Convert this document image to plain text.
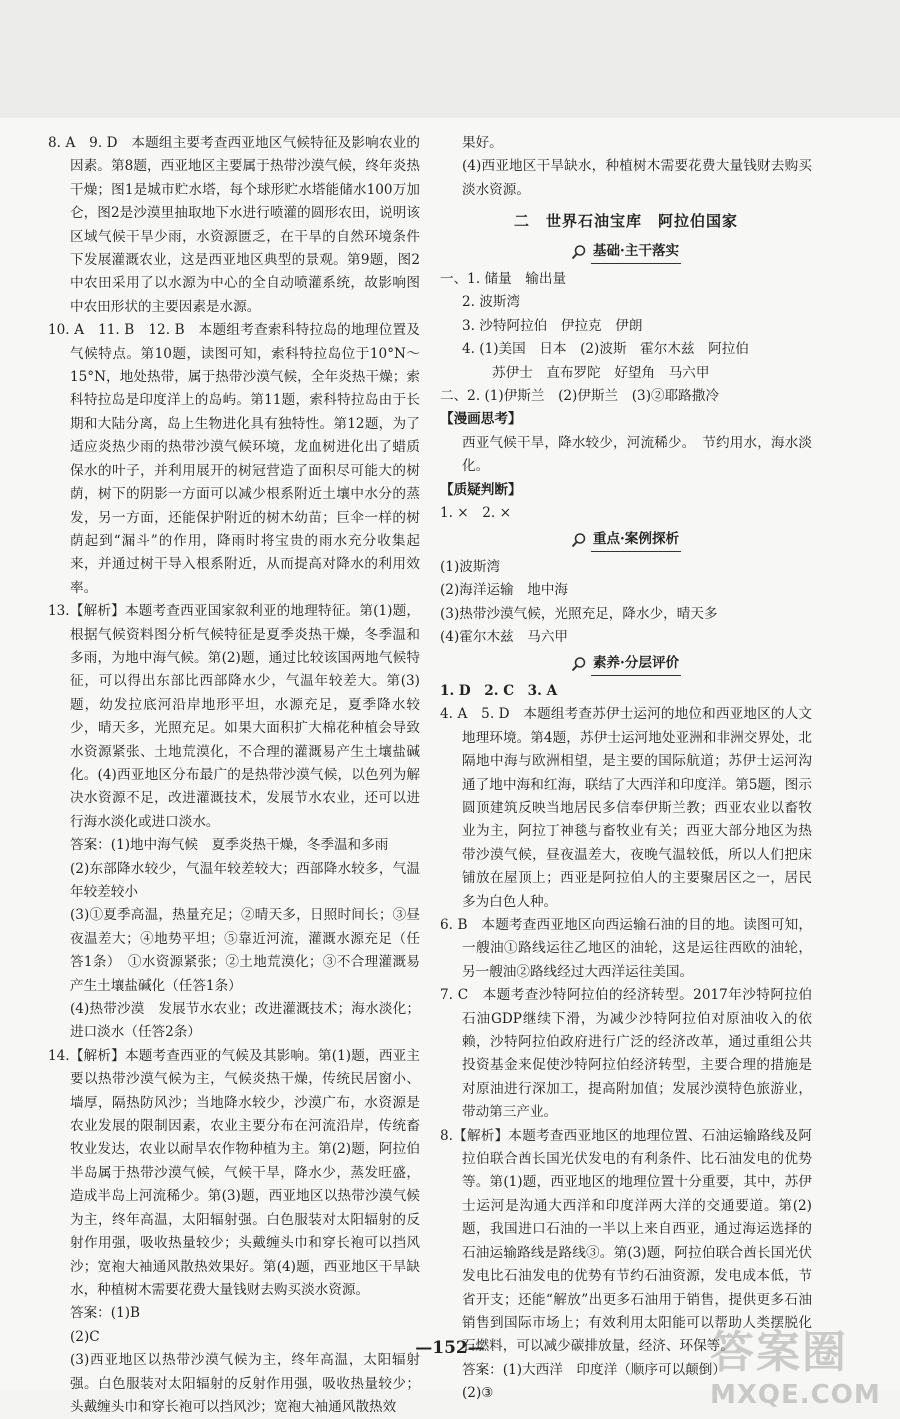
8. A　9. D　本题组主要考查西亚地区气候特征及影响农业的因素。第8题，西亚地区主要属于热带沙漠气候，终年炎热干燥；图1是城市贮水塔，每个球形贮水塔能储水100万加仑，图2是沙漠里抽取地下水进行喷灌的圆形农田，说明该区域气候干旱少雨，水资源匮乏，在干旱的自然环境条件下发展灌溉农业，这是西亚地区典型的景观。第9题，图2中农田采用了以水源为中心的全自动喷灌系统，故影响图中农田形状的主要因素是水源。

10. A　11. B　12. B　本题组考查索科特拉岛的地理位置及气候特点。第10题，读图可知，索科特拉岛位于10°N～15°N，地处热带，属于热带沙漠气候，全年炎热干燥；索科特拉岛是印度洋上的岛屿。第11题，索科特拉岛由于长期和大陆分离，岛上生物进化具有独特性。第12题，为了适应炎热少雨的热带沙漠气候环境，龙血树进化出了蜡质保水的叶子，并利用展开的树冠营造了面积尽可能大的树荫，树下的阴影一方面可以减少根系附近土壤中水分的蒸发，另一方面，还能保护附近的树木幼苗；巨伞一样的树荫起到“漏斗”的作用，降雨时将宝贵的雨水充分收集起来，并通过树干导入根系附近，从而提高对降水的利用效率。

13.【解析】本题考查西亚国家叙利亚的地理特征。第(1)题，根据气候资料图分析气候特征是夏季炎热干燥，冬季温和多雨，为地中海气候。第(2)题，通过比较该国两地气候特征，可以得出东部比西部降水少，气温年较差大。第(3)题，幼发拉底河沿岸地形平坦，水源充足，夏季降水较少，晴天多，光照充足。如果大面积扩大棉花种植会导致水资源紧张、土地荒漠化，不合理的灌溉易产生土壤盐碱化。(4)西亚地区分布最广的是热带沙漠气候，以色列为解决水资源不足，改进灌溉技术，发展节水农业，还可以进行海水淡化或进口淡水。

答案：(1)地中海气候　夏季炎热干燥，冬季温和多雨

(2)东部降水较少，气温年较差较大；西部降水较多，气温年较差较小

(3)①夏季高温，热量充足；②晴天多，日照时间长；③昼夜温差大；④地势平坦；⑤靠近河流，灌溉水源充足（任答1条）　①水资源紧张；②土地荒漠化；③不合理灌溉易产生土壤盐碱化（任答1条）

(4)热带沙漠　发展节水农业；改进灌溉技术；海水淡化；进口淡水（任答2条）

14.【解析】本题考查西亚的气候及其影响。第(1)题，西亚主要以热带沙漠气候为主，气候炎热干燥，传统民居窗小、墙厚，隔热防风沙；当地降水较少，沙漠广布，水资源是农业发展的限制因素，农业主要分布在河流沿岸，传统畜牧业发达，农业以耐旱农作物种植为主。第(2)题，阿拉伯半岛属于热带沙漠气候，气候干旱，降水少，蒸发旺盛，造成半岛上河流稀少。第(3)题，西亚地区以热带沙漠气候为主，终年高温，太阳辐射强。白色服装对太阳辐射的反射作用强，吸收热量较少；头戴缠头巾和穿长袍可以挡风沙；宽袍大袖通风散热效果好。第(4)题，西亚地区干旱缺水，种植树木需要花费大量钱财去购买淡水资源。

答案：(1)B

(2)C

(3)西亚地区以热带沙漠气候为主，终年高温，太阳辐射强。白色服装对太阳辐射的反射作用强，吸收热量较少；头戴缠头巾和穿长袍可以挡风沙；宽袍大袖通风散热效

果好。

(4)西亚地区干旱缺水，种植树木需要花费大量钱财去购买淡水资源。

二　世界石油宝库　阿拉伯国家
基础·主干落实

一、1. 储量　输出量

2. 波斯湾

3. 沙特阿拉伯　伊拉克　伊朗

4. (1)美国　日本　(2)波斯　霍尔木兹　阿拉伯

苏伊士　直布罗陀　好望角　马六甲

二、2. (1)伊斯兰　(2)伊斯兰　(3)②耶路撒冷

【漫画思考】

西亚气候干旱，降水较少，河流稀少。　节约用水，海水淡化。

【质疑判断】

1. ×　2. ×

重点·案例探析

(1)波斯湾

(2)海洋运输　地中海

(3)热带沙漠气候，光照充足，降水少，晴天多

(4)霍尔木兹　马六甲

素养·分层评价

1. D　2. C　3. A

4. A　5. D　本题组考查苏伊士运河的地位和西亚地区的人文地理环境。第4题，苏伊士运河地处亚洲和非洲交界处，北隔地中海与欧洲相望，是主要的国际航道；苏伊士运河沟通了地中海和红海，联结了大西洋和印度洋。第5题，图示圆顶建筑反映当地居民多信奉伊斯兰教；西亚农业以畜牧业为主，阿拉丁神毯与畜牧业有关；西亚大部分地区为热带沙漠气候，昼夜温差大，夜晚气温较低，所以人们把床铺放在屋顶上；西亚是阿拉伯人的主要聚居区之一，居民多为白色人种。

6. B　本题考查西亚地区向西运输石油的目的地。读图可知，一艘油①路线运往乙地区的油轮，这是运往西欧的油轮，另一艘油②路线经过大西洋运往美国。

7. C　本题考查沙特阿拉伯的经济转型。2017年沙特阿拉伯石油GDP继续下滑，为减少沙特阿拉伯对原油收入的依赖，沙特阿拉伯政府进行广泛的经济改革，通过重组公共投资基金来促使沙特阿拉伯经济转型，主要合理的措施是对原油进行深加工，提高附加值；发展沙漠特色旅游业，带动第三产业。

8.【解析】本题考查西亚地区的地理位置、石油运输路线及阿拉伯联合酋长国光伏发电的有利条件、比石油发电的优势等。第(1)题，西亚地区的地理位置十分重要，其中，苏伊士运河是沟通大西洋和印度洋两大洋的交通要道。第(2)题，我国进口石油的一半以上来自西亚，通过海运选择的石油运输路线是路线③。第(3)题，阿拉伯联合酋长国光伏发电比石油发电的优势有节约石油资源，发电成本低，节省开支；还能“解放”出更多石油用于销售，提供更多石油销售到国际市场上；有效利用太阳能可以帮助人类摆脱化石燃料，可以减少碳排放量，经济、环保等。

答案：(1)大西洋　印度洋（顺序可以颠倒）

(2)③

—152—	答案圈
MXQE.COM
